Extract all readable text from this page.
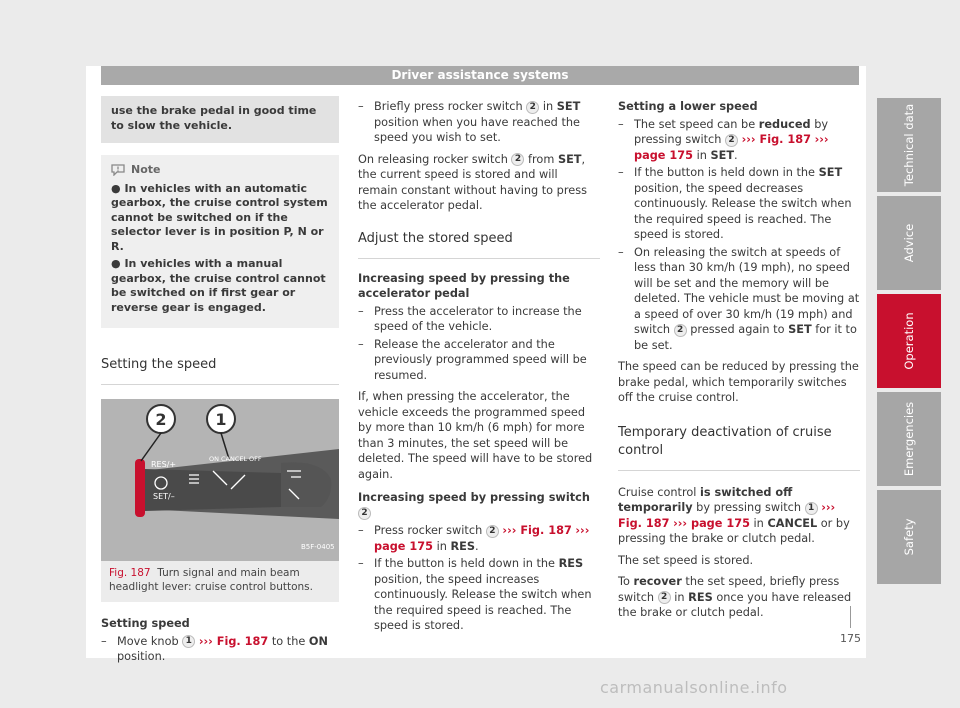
Driver assistance systems
use the brake pedal in good time to slow the vehicle.
Note
● In vehicles with an automatic gearbox, the cruise control system cannot be switched on if the selector lever is in position P, N or R.
● In vehicles with a manual gearbox, the cruise control cannot be switched on if first gear or reverse gear is engaged.
Setting the speed
2	1
RES/+
SET/–
ON CANCEL OFF
B5F-0405
Fig. 187 Turn signal and main beam headlight lever: cruise control buttons.
Setting speed
– Move knob 1 ››› Fig. 187 to the ON position.
– Briefly press rocker switch 2 in SET position when you have reached the speed you wish to set.
On releasing rocker switch 2 from SET, the current speed is stored and will remain constant without having to press the accelerator pedal.
Adjust the stored speed
Increasing speed by pressing the accelerator pedal
– Press the accelerator to increase the speed of the vehicle.
– Release the accelerator and the previously programmed speed will be resumed.
If, when pressing the accelerator, the vehicle exceeds the programmed speed by more than 10 km/h (6 mph) for more than 3 minutes, the set speed will be deleted. The speed will have to be stored again.
Increasing speed by pressing switch 2
– Press rocker switch 2 ››› Fig. 187 ››› page 175 in RES.
– If the button is held down in the RES position, the speed increases continuously. Release the switch when the required speed is reached. The speed is stored.
Setting a lower speed
– The set speed can be reduced by pressing switch 2 ››› Fig. 187 ››› page 175 in SET.
– If the button is held down in the SET position, the speed decreases continuously. Release the switch when the required speed is reached. The speed is stored.
– On releasing the switch at speeds of less than 30 km/h (19 mph), no speed will be set and the memory will be deleted. The vehicle must be moving at a speed of over 30 km/h (19 mph) and switch 2 pressed again to SET for it to be set.
The speed can be reduced by pressing the brake pedal, which temporarily switches off the cruise control.
Temporary deactivation of cruise control
Cruise control is switched off temporarily by pressing switch 1 ››› Fig. 187 ››› page 175 in CANCEL or by pressing the brake or clutch pedal.
The set speed is stored.
To recover the set speed, briefly press switch 2 in RES once you have released the brake or clutch pedal.
Technical data
Advice
Operation
Emergencies
Safety
175
carmanualsonline.info
